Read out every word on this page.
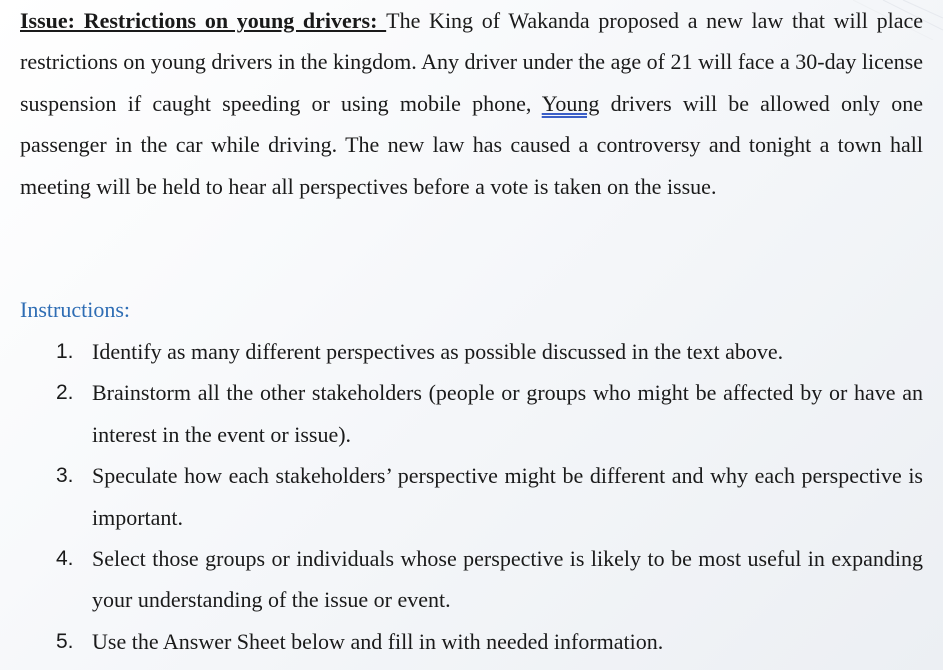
Issue: Restrictions on young drivers: The King of Wakanda proposed a new law that will place restrictions on young drivers in the kingdom. Any driver under the age of 21 will face a 30-day license suspension if caught speeding or using mobile phone, Young drivers will be allowed only one passenger in the car while driving. The new law has caused a controversy and tonight a town hall meeting will be held to hear all perspectives before a vote is taken on the issue.

Instructions:
1. Identify as many different perspectives as possible discussed in the text above.
2. Brainstorm all the other stakeholders (people or groups who might be affected by or have an interest in the event or issue).
3. Speculate how each stakeholders’ perspective might be different and why each perspective is important.
4. Select those groups or individuals whose perspective is likely to be most useful in expanding your understanding of the issue or event.
5. Use the Answer Sheet below and fill in with needed information.
